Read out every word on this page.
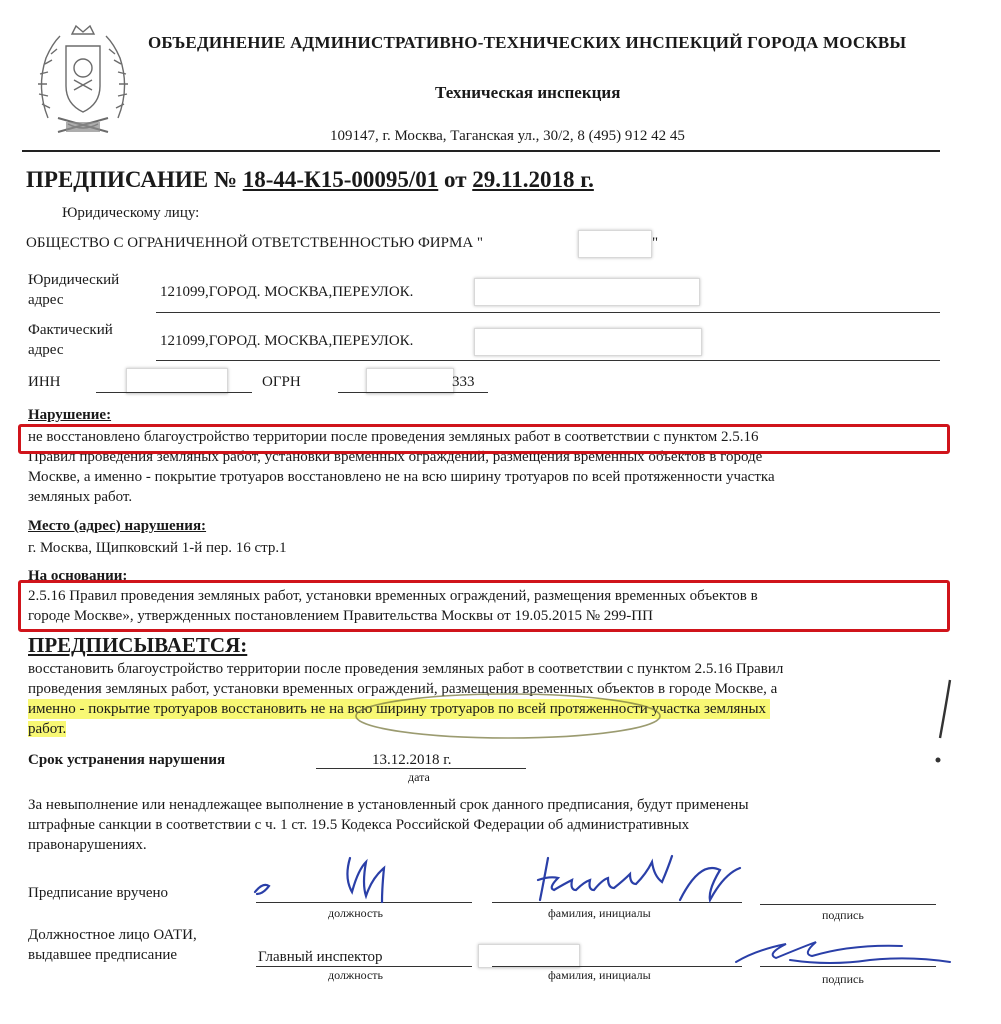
ОБЪЕДИНЕНИЕ АДМИНИСТРАТИВНО-ТЕХНИЧЕСКИХ ИНСПЕКЦИЙ ГОРОДА МОСКВЫ
Техническая инспекция
109147, г. Москва, Таганская ул., 30/2, 8 (495) 912 42 45
ПРЕДПИСАНИЕ № 18-44-К15-00095/01 от 29.11.2018 г.
Юридическому лицу:
ОБЩЕСТВО С ОГРАНИЧЕННОЙ ОТВЕТСТВЕННОСТЬЮ ФИРМА "	"
Юридический
адрес	121099,ГОРОД. МОСКВА,ПЕРЕУЛОК.
Фактический
адрес
121099,ГОРОД. МОСКВА,ПЕРЕУЛОК.
ИНН	ОГРН	333
Нарушение:
не восстановлено благоустройство территории после проведения земляных работ в соответствии с пунктом 2.5.16
Правил проведения земляных работ, установки временных ограждений, размещения временных объектов в городе
Москве, а именно - покрытие тротуаров восстановлено не на всю ширину тротуаров по всей протяженности участка
земляных работ.
Место (адрес) нарушения:
г. Москва, Щипковский 1-й пер. 16 стр.1
На основании:
2.5.16 Правил проведения земляных работ, установки временных ограждений, размещения временных объектов в
городе Москве», утвержденных постановлением Правительства Москвы от 19.05.2015 № 299-ПП
ПРЕДПИСЫВАЕТСЯ:
восстановить благоустройство территории после проведения земляных работ в соответствии с пунктом 2.5.16 Правил
проведения земляных работ, установки временных ограждений, размещения временных объектов в городе Москве, а
именно - покрытие тротуаров восстановить не на всю ширину тротуаров по всей протяженности участка земляных
работ.
Срок устранения нарушения	13.12.2018 г.
дата
За невыполнение или ненадлежащее выполнение в установленный срок данного предписания, будут применены
штрафные санкции в соответствии с ч. 1 ст. 19.5 Кодекса Российской Федерации об административных
правонарушениях.
Предписание вручено
должность	фамилия, инициалы	подпись
Должностное лицо ОАТИ,
выдавшее предписание	Главный инспектор
должность	фамилия, инициалы	подпись
